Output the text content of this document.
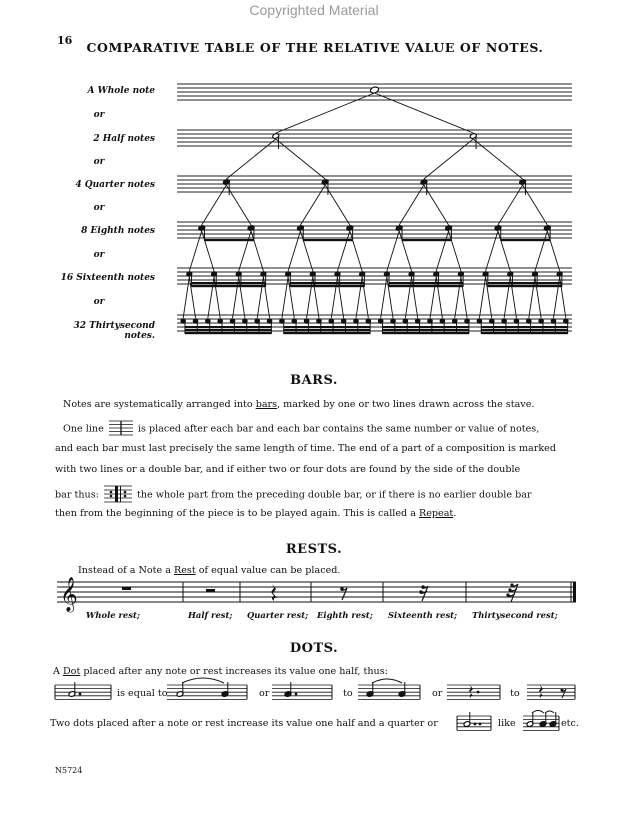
Copyrighted Material
16	COMPARATIVE TABLE OF THE RELATIVE VALUE OF NOTES.
A Whole note
or
2 Half notes
or
4 Quarter notes
or
8 Eighth notes
or
16 Sixteenth notes
or
32 Thirtysecond notes.
BARS.
Notes are systematically arranged into bars, marked by one or two lines drawn across the stave.
One line	is placed after each bar and each bar contains the same number or value of notes,
and each bar must last precisely the same length of time. The end of a part of a composition is marked
with two lines or a double bar, and if either two or four dots are found by the side of the double
bar thus:	the whole part from the preceding double bar, or if there is no earlier double bar
then from the beginning of the piece is to be played again. This is called a Repeat.
RESTS.
Instead of a Note a Rest of equal value can be placed.
𝄞
Whole rest;	Half rest; Quarter rest; Eighth rest; Sixteenth rest; Thirtysecond rest;
DOTS.
A Dot placed after any note or rest increases its value one half, thus:
is equal to	or	to	or	to
Two dots placed after a note or rest increase its value one half and a quarter or	like	etc.
N5724
